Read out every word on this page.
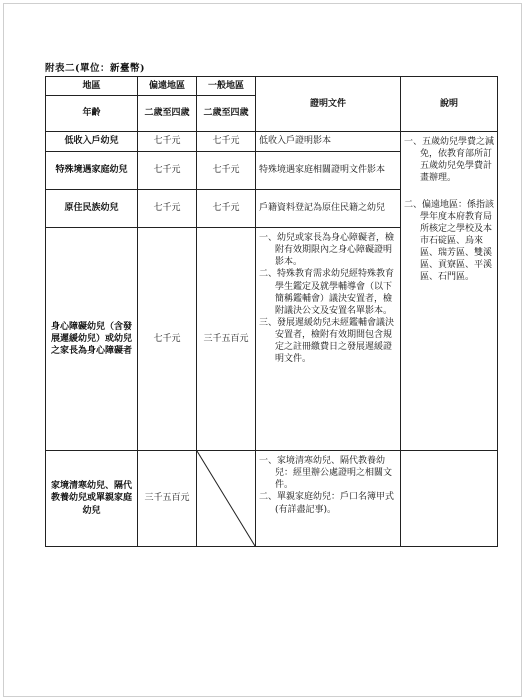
附表二(單位：新臺幣)
地區	偏遠地區	一般地區	證明文件	說明
年齡	二歲至四歲	二歲至四歲		
低收入戶幼兒	七千元	七千元	低收入戶證明影本	一、五歲幼兒學費之減免，依教育部所訂五歲幼兒免學費計畫辦理。
二、偏遠地區：係指該學年度本府教育局所核定之學校及本市石碇區、烏來區、瑞芳區、雙溪區、貢寮區、平溪區、石門區。

特殊境遇家庭幼兒	七千元	七千元	特殊境遇家庭相關證明文件影本	
原住民族幼兒	七千元	七千元	戶籍資料登記為原住民籍之幼兒	
身心障礙幼兒（含發展遲緩幼兒）或幼兒之家長為身心障礙者	七千元	三千五百元	一、幼兒或家長為身心障礙者，檢附有效期限內之身心障礙證明影本。
二、特殊教育需求幼兒經特殊教育學生鑑定及就學輔導會（以下簡稱鑑輔會）議決安置者，檢附議決公文及安置名單影本。
三、發展遲緩幼兒未經鑑輔會議決安置者，檢附有效期間包含規定之註冊繳費日之發展遲緩證明文件。	

家境清寒幼兒、隔代教養幼兒或單親家庭幼兒	三千五百元		一、家境清寒幼兒、隔代教養幼兒：經里辦公處證明之相關文件。
二、單親家庭幼兒：戶口名簿甲式(有詳盡記事)。	
